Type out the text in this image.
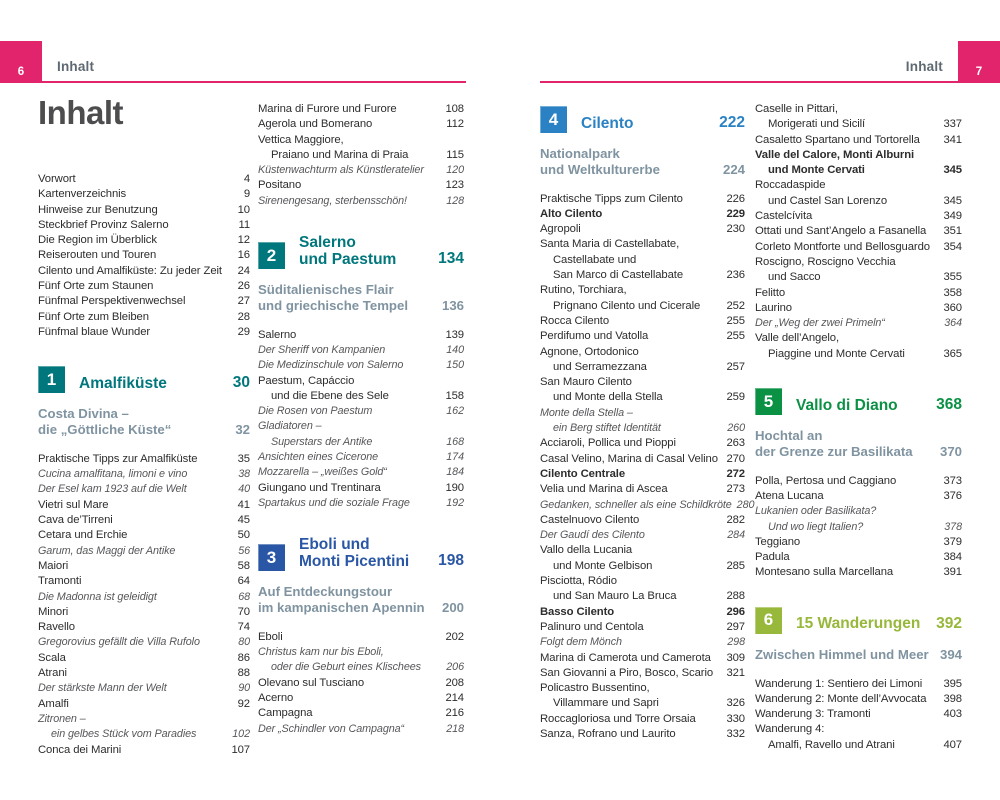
6	Inhalt
Inhalt
Vorwort	4
Kartenverzeichnis	9
Hinweise zur Benutzung	10
Steckbrief Provinz Salerno	11
Die Region im Überblick	12
Reiserouten und Touren	16
Cilento und Amalfiküste: Zu jeder Zeit	24
Fünf Orte zum Staunen	26
Fünfmal Perspektivenwechsel	27
Fünf Orte zum Bleiben	28
Fünfmal blaue Wunder	29
1	Amalfiküste	30
Costa Divina –
die „Göttliche Küste“	32
Praktische Tipps zur Amalfiküste	35
Cucina amalfitana, limoni e vino	38
Der Esel kam 1923 auf die Welt	40
Vietri sul Mare	41
Cava de’Tirreni	45
Cetara und Erchie	50
Garum, das Maggi der Antike	56
Maiori	58
Tramonti	64
Die Madonna ist geleidigt	68
Minori	70
Ravello	74
Gregorovius gefällt die Villa Rufolo	80
Scala	86
Atrani	88
Der stärkste Mann der Welt	90
Amalfi	92
Zitronen –
ein gelbes Stück vom Paradies	102
Conca dei Marini	107
Marina di Furore und Furore	108
Agerola und Bomerano	112
Vettica Maggiore,
Praiano und Marina di Praia	115
Küstenwachturm als Künstleratelier	120
Positano	123
Sirenengesang, sterbensschön!	128
2
Salerno
und Paestum	134
Süditalienisches Flair
und griechische Tempel	136
Salerno	139
Der Sheriff von Kampanien	140
Die Medizinschule von Salerno	150
Paestum, Capáccio
und die Ebene des Sele	158
Die Rosen von Paestum	162
Gladiatoren –
Superstars der Antike	168
Ansichten eines Cicerone	174
Mozzarella – „weißes Gold“	184
Giungano und Trentinara	190
Spartakus und die soziale Frage	192
3
Eboli und
Monti Picentini	198
Auf Entdeckungstour
im kampanischen Apennin	200
Eboli	202
Christus kam nur bis Eboli,
oder die Geburt eines Klischees	206
Olevano sul Tusciano	208
Acerno	214
Campagna	216
Der „Schindler von Campagna“	218
7
Inhalt
4	Cilento	222
Nationalpark
und Weltkulturerbe	224
Praktische Tipps zum Cilento	226
Alto Cilento	229
Agropoli	230
Santa Maria di Castellabate,
Castellabate und
San Marco di Castellabate	236
Rutino, Torchiara,
Prignano Cilento und Cicerale	252
Rocca Cilento	255
Perdifumo und Vatolla	255
Agnone, Ortodonico
und Serramezzana	257
San Mauro Cilento
und Monte della Stella	259
Monte della Stella –
ein Berg stiftet Identität	260
Acciaroli, Pollica und Pioppi	263
Casal Velino, Marina di Casal Velino 270
Cilento Centrale	272
Velia und Marina di Ascea	273
Gedanken, schneller als eine Schildkröte 280
Castelnuovo Cilento	282
Der Gaudí des Cilento	284
Vallo della Lucania
und Monte Gelbison	285
Pisciotta, Ródio
und San Mauro La Bruca	288
Basso Cilento	296
Palinuro und Centola	297
Folgt dem Mönch	298
Marina di Camerota und Camerota	309
San Giovanni a Piro, Bosco, Scario	321
Policastro Bussentino,
Villammare und Sapri	326
Roccagloriosa und Torre Orsaia	330
Sanza, Rofrano und Laurito	332
Caselle in Pittari,
Morigerati und Sicilí	337
Casaletto Spartano und Tortorella	341
Valle del Calore, Monti Alburni
und Monte Cervati	345
Roccadaspide
und Castel San Lorenzo	345
Castelcívita	349
Ottati und Sant’Angelo a Fasanella	351
Corleto Montforte und Bellosguardo	354
Roscigno, Roscigno Vecchia
und Sacco	355
Felitto	358
Laurino	360
Der „Weg der zwei Primeln“	364
Valle dell’Angelo,
Piaggine und Monte Cervati	365
5	Vallo di Diano	368
Hochtal an
der Grenze zur Basilikata	370
Polla, Pertosa und Caggiano	373
Atena Lucana	376
Lukanien oder Basilikata?
Und wo liegt Italien?	378
Teggiano	379
Padula	384
Montesano sulla Marcellana	391
6	15 Wanderungen	392
Zwischen Himmel und Meer 394
Wanderung 1: Sentiero dei Limoni	395
Wanderung 2: Monte dell’Avvocata	398
Wanderung 3: Tramonti	403
Wanderung 4:
Amalfi, Ravello und Atrani	407
